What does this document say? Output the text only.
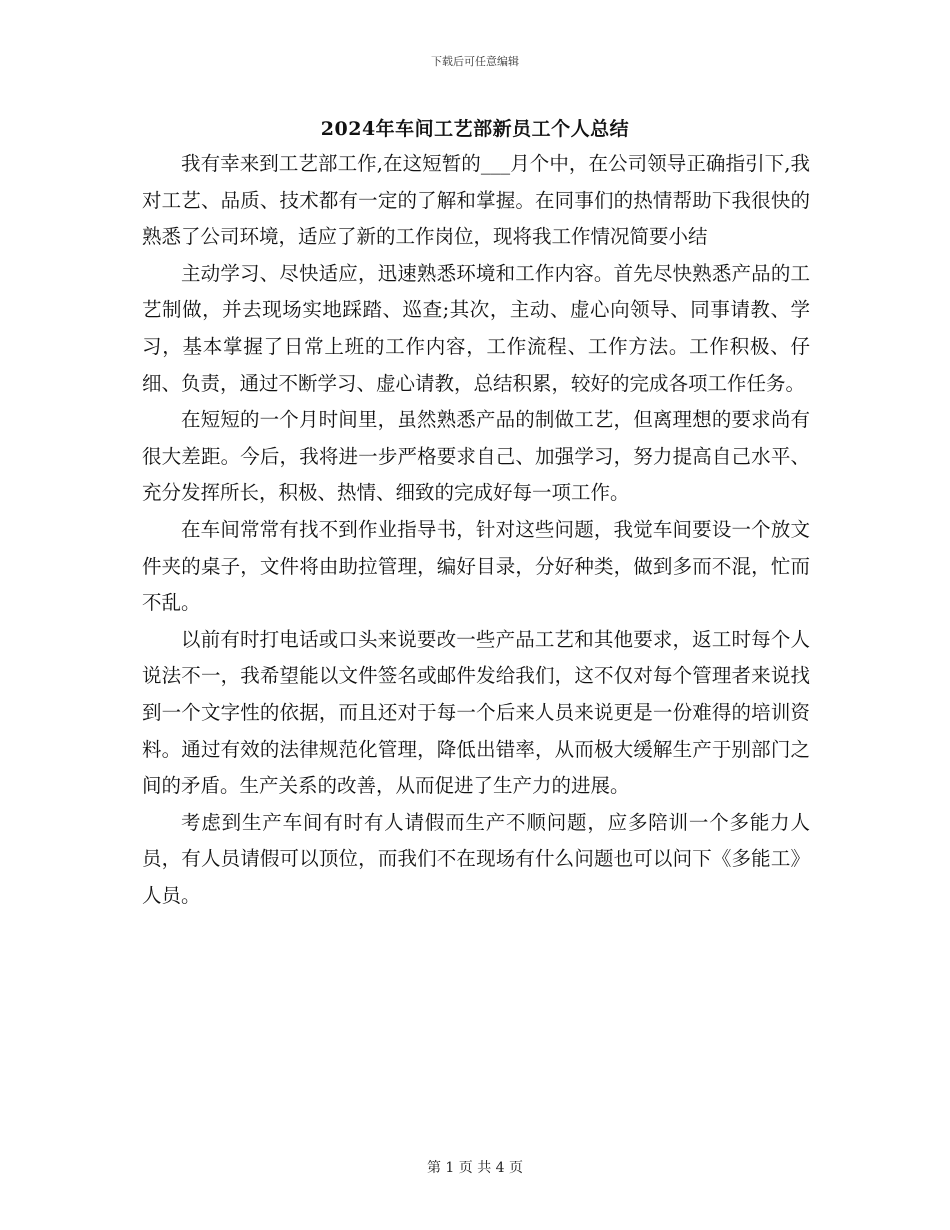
下载后可任意编辑
2024年车间工艺部新员工个人总结

我有幸来到工艺部工作,在这短暂的___月个中，在公司领导正确指引下,我对工艺、品质、技术都有一定的了解和掌握。在同事们的热情帮助下我很快的熟悉了公司环境，适应了新的工作岗位，现将我工作情况简要小结

主动学习、尽快适应，迅速熟悉环境和工作内容。首先尽快熟悉产品的工艺制做，并去现场实地踩踏、巡查;其次，主动、虚心向领导、同事请教、学习，基本掌握了日常上班的工作内容，工作流程、工作方法。工作积极、仔细、负责，通过不断学习、虚心请教，总结积累，较好的完成各项工作任务。

在短短的一个月时间里，虽然熟悉产品的制做工艺，但离理想的要求尚有很大差距。今后，我将进一步严格要求自己、加强学习，努力提高自己水平、充分发挥所长，积极、热情、细致的完成好每一项工作。

在车间常常有找不到作业指导书，针对这些问题，我觉车间要设一个放文件夹的桌子，文件将由助拉管理，编好目录，分好种类，做到多而不混，忙而不乱。

以前有时打电话或口头来说要改一些产品工艺和其他要求，返工时每个人说法不一，我希望能以文件签名或邮件发给我们，这不仅对每个管理者来说找到一个文字性的依据，而且还对于每一个后来人员来说更是一份难得的培训资料。通过有效的法律规范化管理，降低出错率，从而极大缓解生产于别部门之间的矛盾。生产关系的改善，从而促进了生产力的进展。

考虑到生产车间有时有人请假而生产不顺问题，应多陪训一个多能力人员，有人员请假可以顶位，而我们不在现场有什么问题也可以问下《多能工》人员。

第 1 页 共 4 页
